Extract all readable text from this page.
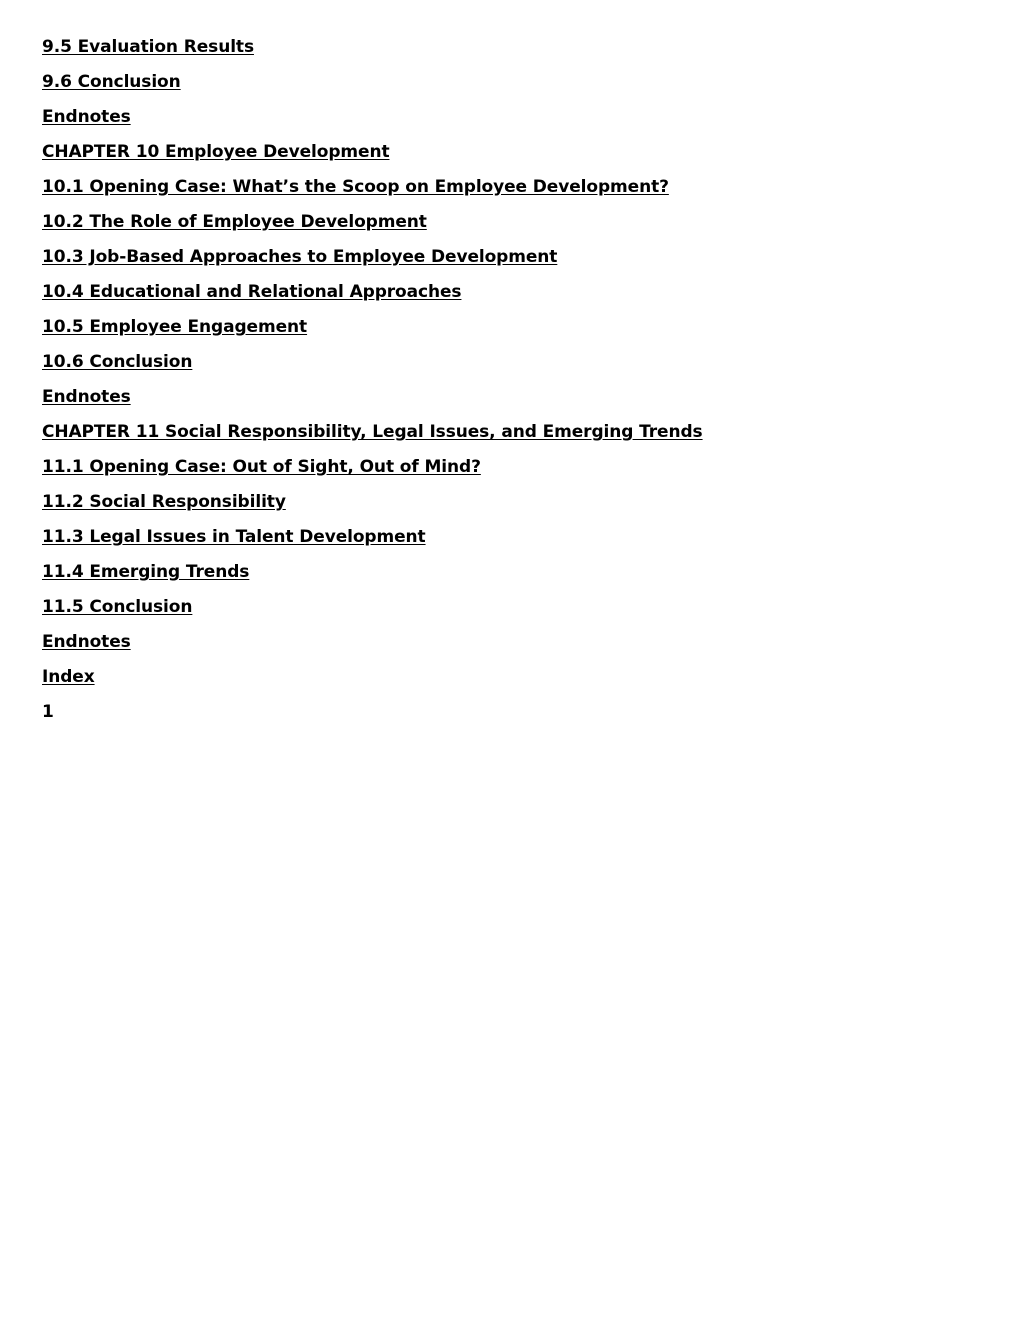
9.5 Evaluation Results
9.6 Conclusion
Endnotes
CHAPTER 10 Employee Development
10.1 Opening Case: What’s the Scoop on Employee Development?
10.2 The Role of Employee Development
10.3 Job-Based Approaches to Employee Development
10.4 Educational and Relational Approaches
10.5 Employee Engagement
10.6 Conclusion
Endnotes
CHAPTER 11 Social Responsibility, Legal Issues, and Emerging Trends
11.1 Opening Case: Out of Sight, Out of Mind?
11.2 Social Responsibility
11.3 Legal Issues in Talent Development
11.4 Emerging Trends
11.5 Conclusion
Endnotes
Index
1
